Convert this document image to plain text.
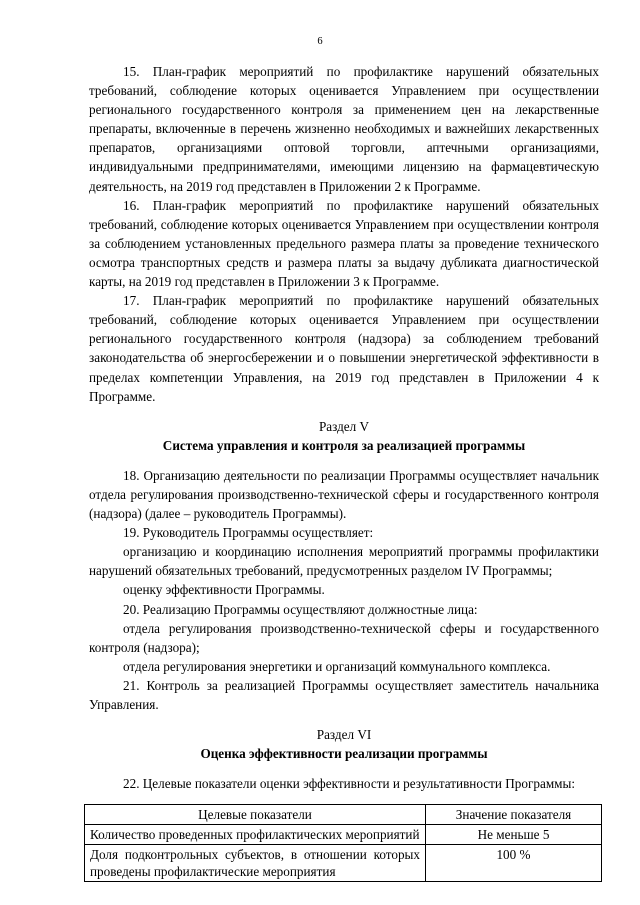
6

15. План-график мероприятий по профилактике нарушений обязательных требований, соблюдение которых оценивается Управлением при осуществлении регионального государственного контроля за применением цен на лекарственные препараты, включенные в перечень жизненно необходимых и важнейших лекарственных препаратов, организациями оптовой торговли, аптечными организациями, индивидуальными предпринимателями, имеющими лицензию на фармацевтическую деятельность, на 2019 год представлен в Приложении 2 к Программе.

16. План-график мероприятий по профилактике нарушений обязательных требований, соблюдение которых оценивается Управлением при осуществлении контроля за соблюдением установленных предельного размера платы за проведение технического осмотра транспортных средств и размера платы за выдачу дубликата диагностической карты, на 2019 год представлен в Приложении 3 к Программе.

17. План-график мероприятий по профилактике нарушений обязательных требований, соблюдение которых оценивается Управлением при осуществлении регионального государственного контроля (надзора) за соблюдением требований законодательства об энергосбережении и о повышении энергетической эффективности в пределах компетенции Управления, на 2019 год представлен в Приложении 4 к Программе.

Раздел V

Система управления и контроля за реализацией программы

18. Организацию деятельности по реализации Программы осуществляет начальник отдела регулирования производственно-технической сферы и государственного контроля (надзора) (далее – руководитель Программы).

19. Руководитель Программы осуществляет:

организацию и координацию исполнения мероприятий программы профилактики нарушений обязательных требований, предусмотренных разделом IV Программы;

оценку эффективности Программы.

20. Реализацию Программы осуществляют должностные лица:

отдела регулирования производственно-технической сферы и государственного контроля (надзора);

отдела регулирования энергетики и организаций коммунального комплекса.

21. Контроль за реализацией Программы осуществляет заместитель начальника Управления.

Раздел VI

Оценка эффективности реализации программы

22. Целевые показатели оценки эффективности и результативности Программы:

Целевые показатели	Значение показателя
Количество проведенных профилактических мероприятий	Не меньше 5
Доля подконтрольных субъектов, в отношении которых проведены профилактические мероприятия	100 %
